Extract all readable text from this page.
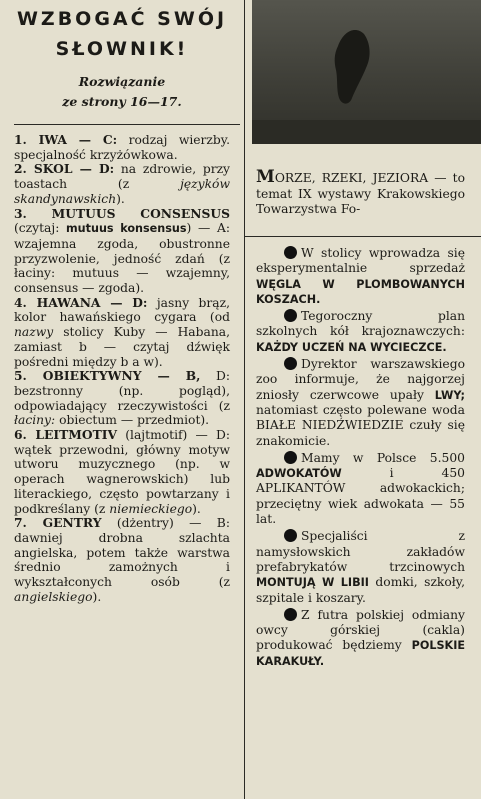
WZBOGAĆ SWÓJ SŁOWNIK!

Rozwiązanie
ze strony 16—17.

1. IWA — C: rodzaj wierzby. specjalność krzyżówkowa.

2. SKOL — D: na zdrowie, przy toastach (z języków skandynawskich).

3. MUTUUS CONSENSUS (czytaj: mutuus konsensus) — A: wzajemna zgoda, obustronne przyzwolenie, jedność zdań (z łaciny: mutuus — wzajemny, consensus — zgoda).

4. HAWANA — D: jasny brąz, kolor hawańskiego cygara (od nazwy stolicy Kuby — Habana, zamiast b — czytaj dźwięk pośredni między b a w).

5. OBIEKTYWNY — B, D: bezstronny (np. pogląd), odpowiadający rzeczywistości (z łaciny: obiectum — przedmiot).

6. LEITMOTIV (lajtmotif) — D: wątek przewodni, główny motyw utworu muzycznego (np. w operach wagnerowskich) lub literackiego, często powtarzany i podkreślany (z niemieckiego).

7. GENTRY (dżentry) — B: dawniej drobna szlachta angielska, potem także warstwa średnio zamożnych i wykształconych osób (z angielskiego).

MORZE, RZEKI, JEZIORA — to temat IX wystawy Krakowskiego Towarzystwa Fo-

W stolicy wprowadza się eksperymentalnie sprzedaż WĘGLA W PLOMBOWANYCH KOSZACH.

Tegoroczny plan szkolnych kół krajoznawczych: KAŻDY UCZEŃ NA WYCIECZCE.

Dyrektor warszawskiego zoo informuje, że najgorzej zniosły czerwcowe upały LWY; natomiast często polewane woda BIAŁE NIEDŹWIEDZIE czuły się znakomicie.

Mamy w Polsce 5.500 ADWOKATÓW i 450 APLIKANTÓW adwokackich; przeciętny wiek adwokata — 55 lat.

Specjaliści z namysłowskich zakładów prefabrykatów trzcinowych MONTUJĄ W LIBII domki, szkoły, szpitale i koszary.

Z futra polskiej odmiany owcy górskiej (cakla) produkować będziemy POLSKIE KARAKUŁY.
